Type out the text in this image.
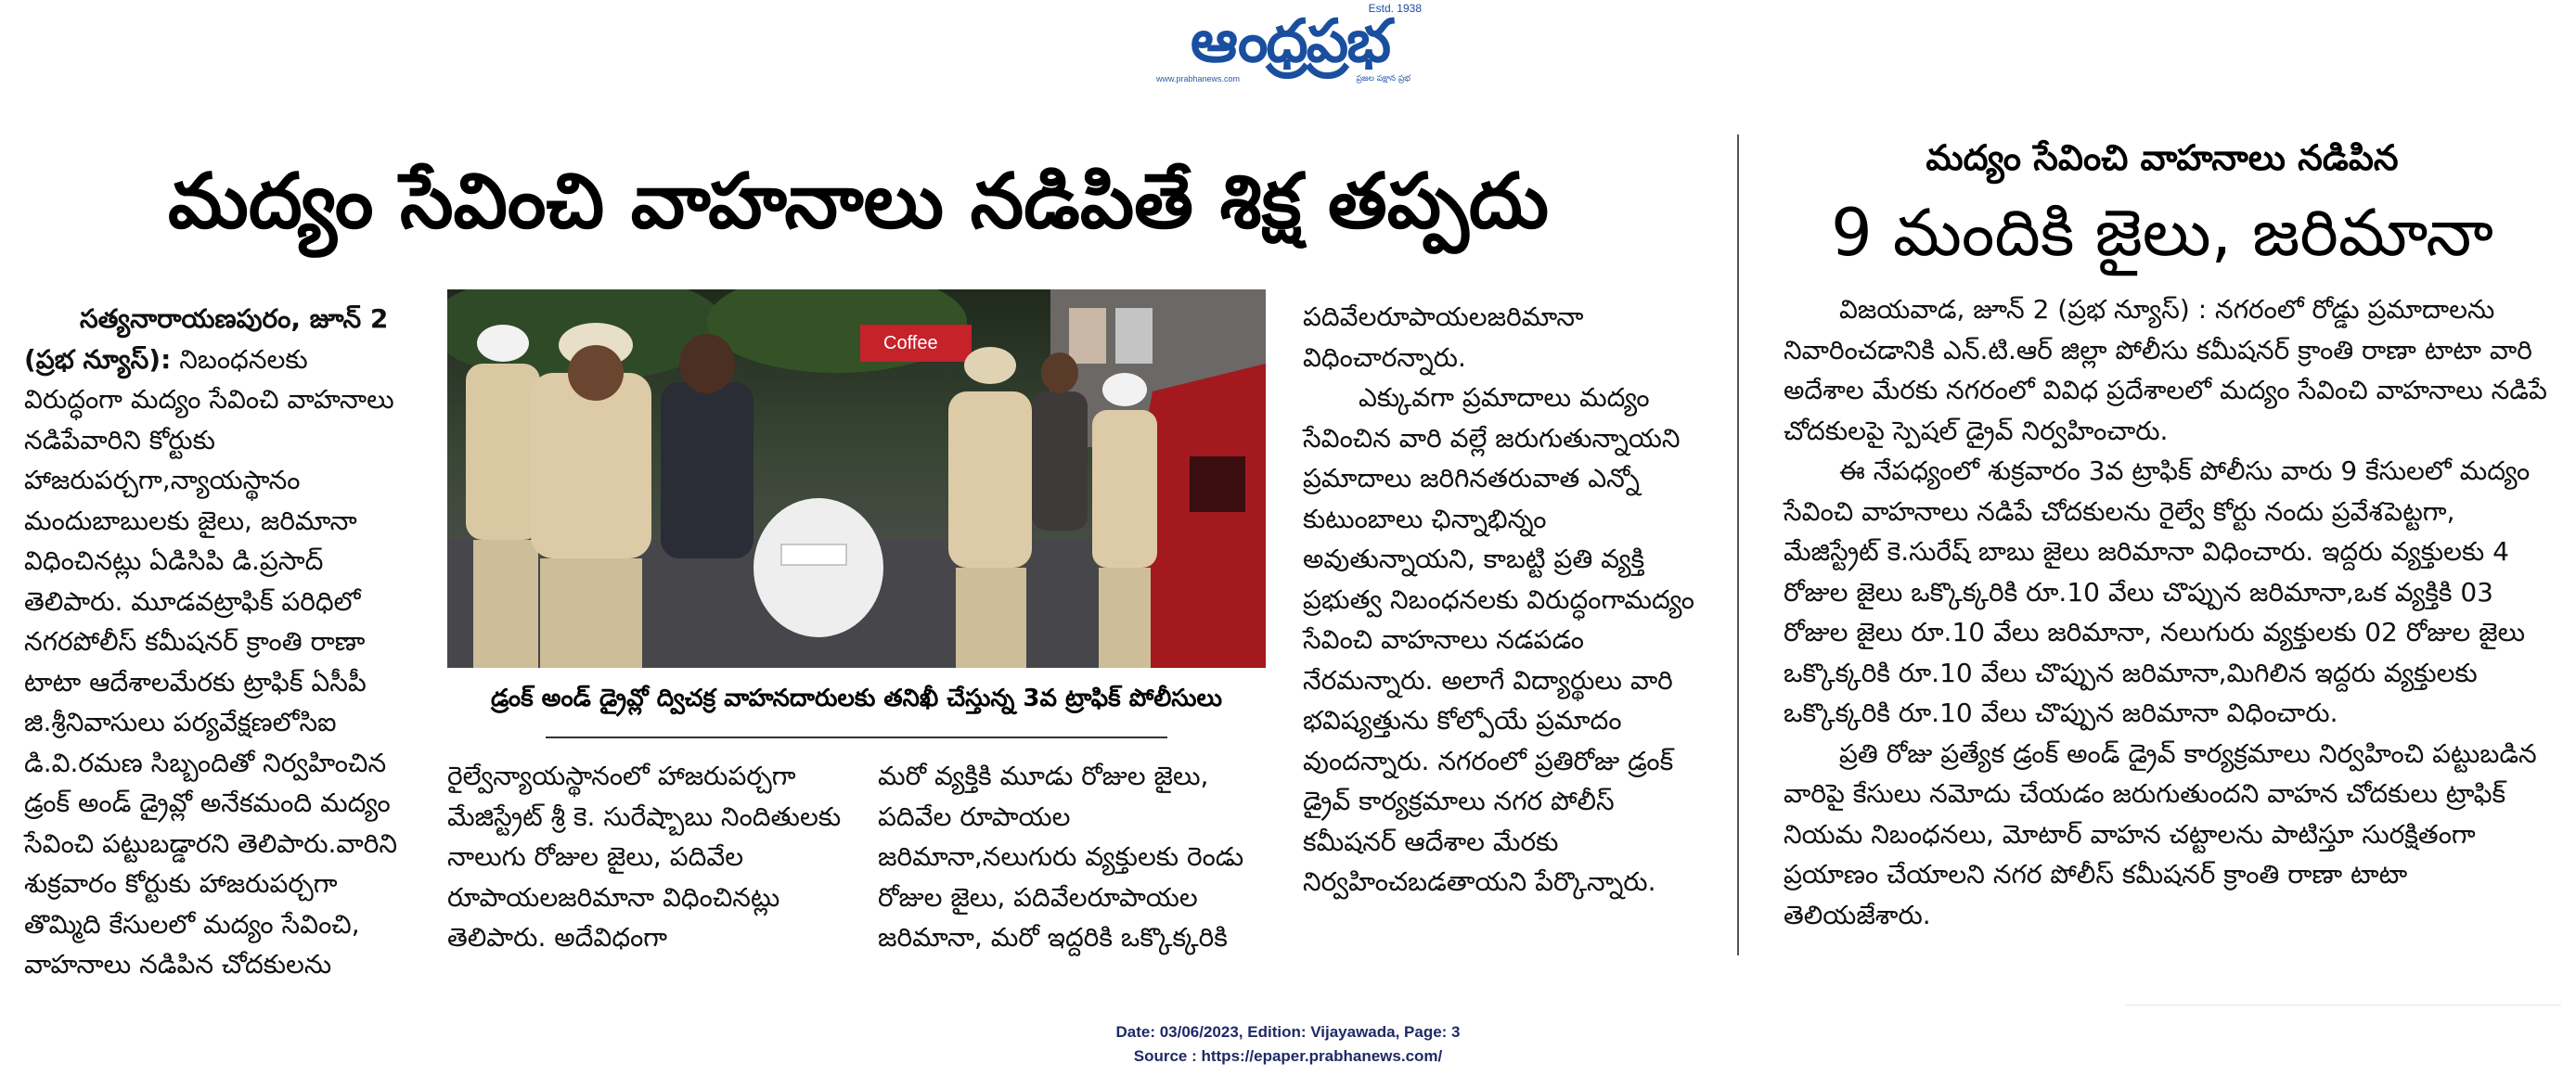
Estd. 1938
ఆంధ్రప్రభ
www.prabhanews.com	ప్రజల పక్షాన ప్రభ
మద్యం సేవించి వాహనాలు నడిపితే శిక్ష తప్పదు

సత్యనారాయణపురం, జూన్ 2 (ప్రభ న్యూస్): నిబంధనలకు విరుద్ధంగా మద్యం సేవించి వాహనాలు నడిపేవారిని కోర్టుకు హాజరుపర్చగా,న్యాయస్థానం మందుబాబులకు జైలు, జరిమానా విధించినట్లు ఏడిసిపి డి.ప్రసాద్ తెలిపారు. మూడవట్రాఫిక్ పరిధిలో నగరపోలీస్ కమీషనర్ క్రాంతి రాణా టాటా ఆదేశాలమేరకు ట్రాఫిక్ ఏసీపీ జి.శ్రీనివాసులు పర్యవేక్షణలోసిఐ డి.వి.రమణ సిబ్బందితో నిర్వహించిన డ్రంక్ అండ్ డ్రైవ్లో అనేకమంది మద్యం సేవించి పట్టుబడ్డారని తెలిపారు.వారిని శుక్రవారం కోర్టుకు హాజరుపర్చగా తొమ్మిది కేసులలో మద్యం సేవించి, వాహనాలు నడిపిన చోదకులను

Coffee
డ్రంక్ అండ్ డ్రైవ్లో ద్విచక్ర వాహనదారులకు తనిఖీ చేస్తున్న 3వ ట్రాఫిక్ పోలీసులు

రైల్వేన్యాయస్థానంలో హాజరుపర్చగా మేజిస్ట్రేట్ శ్రీ కె. సురేష్బాబు నిందితులకు నాలుగు రోజుల జైలు, పదివేల రూపాయలజరిమానా విధించినట్లు తెలిపారు. అదేవిధంగా

మరో వ్యక్తికి మూడు రోజుల జైలు, పదివేల రూపాయల జరిమానా,నలుగురు వ్యక్తులకు రెండు రోజుల జైలు, పదివేలరూపాయల జరిమానా, మరో ఇద్దరికి ఒక్కొక్కరికి

పదివేలరూపాయలజరిమానా విధించారన్నారు.

ఎక్కువగా ప్రమాదాలు మద్యం సేవించిన వారి వల్లే జరుగుతున్నాయని ప్రమాదాలు జరిగినతరువాత ఎన్నో కుటుంబాలు ఛిన్నాభిన్నం అవుతున్నాయని, కాబట్టి ప్రతి వ్యక్తి ప్రభుత్వ నిబంధనలకు విరుద్ధంగామద్యం సేవించి వాహనాలు నడపడం నేరమన్నారు. అలాగే విద్యార్థులు వారి భవిష్యత్తును కోల్పోయే ప్రమాదం వుందన్నారు. నగరంలో ప్రతిరోజు డ్రంక్ డ్రైవ్ కార్యక్రమాలు నగర పోలీస్ కమీషనర్ ఆదేశాల మేరకు నిర్వహించబడతాయని పేర్కొన్నారు.

మద్యం సేవించి వాహనాలు నడిపిన
9 మందికి జైలు, జరిమానా

విజయవాడ, జూన్ 2 (ప్రభ న్యూస్) : నగరంలో రోడ్డు ప్రమాదాలను నివారించడానికి ఎన్.టి.ఆర్ జిల్లా పోలీసు కమీషనర్ క్రాంతి రాణా టాటా వారి అదేశాల మేరకు నగరంలో వివిధ ప్రదేశాలలో మద్యం సేవించి వాహనాలు నడిపే చోదకులపై స్పెషల్ డ్రైవ్ నిర్వహించారు.

ఈ నేపధ్యంలో శుక్రవారం 3వ ట్రాఫిక్ పోలీసు వారు 9 కేసులలో మద్యం సేవించి వాహనాలు నడిపే చోదకులను రైల్వే కోర్టు నందు ప్రవేశపెట్టగా, మేజిస్ట్రేట్ కె.సురేష్ బాబు జైలు జరిమానా విధించారు. ఇద్దరు వ్యక్తులకు 4 రోజుల జైలు ఒక్కొక్కరికి రూ.10 వేలు చొప్పున జరిమానా,ఒక వ్యక్తికి 03 రోజుల జైలు రూ.10 వేలు జరిమానా, నలుగురు వ్యక్తులకు 02 రోజుల జైలు ఒక్కొక్కరికి రూ.10 వేలు చొప్పున జరిమానా,మిగిలిన ఇద్దరు వ్యక్తులకు ఒక్కొక్కరికి రూ.10 వేలు చొప్పున జరిమానా విధించారు.

ప్రతి రోజు ప్రత్యేక డ్రంక్ అండ్ డ్రైవ్ కార్యక్రమాలు నిర్వహించి పట్టుబడిన వారిపై కేసులు నమోదు చేయడం జరుగుతుందని వాహన చోదకులు ట్రాఫిక్ నియమ నిబంధనలు, మోటార్ వాహన చట్టాలను పాటిస్తూ సురక్షితంగా ప్రయాణం చేయాలని నగర పోలీస్ కమీషనర్ క్రాంతి రాణా టాటా తెలియజేశారు.

Date: 03/06/2023, Edition: Vijayawada, Page: 3
Source : https://epaper.prabhanews.com/
